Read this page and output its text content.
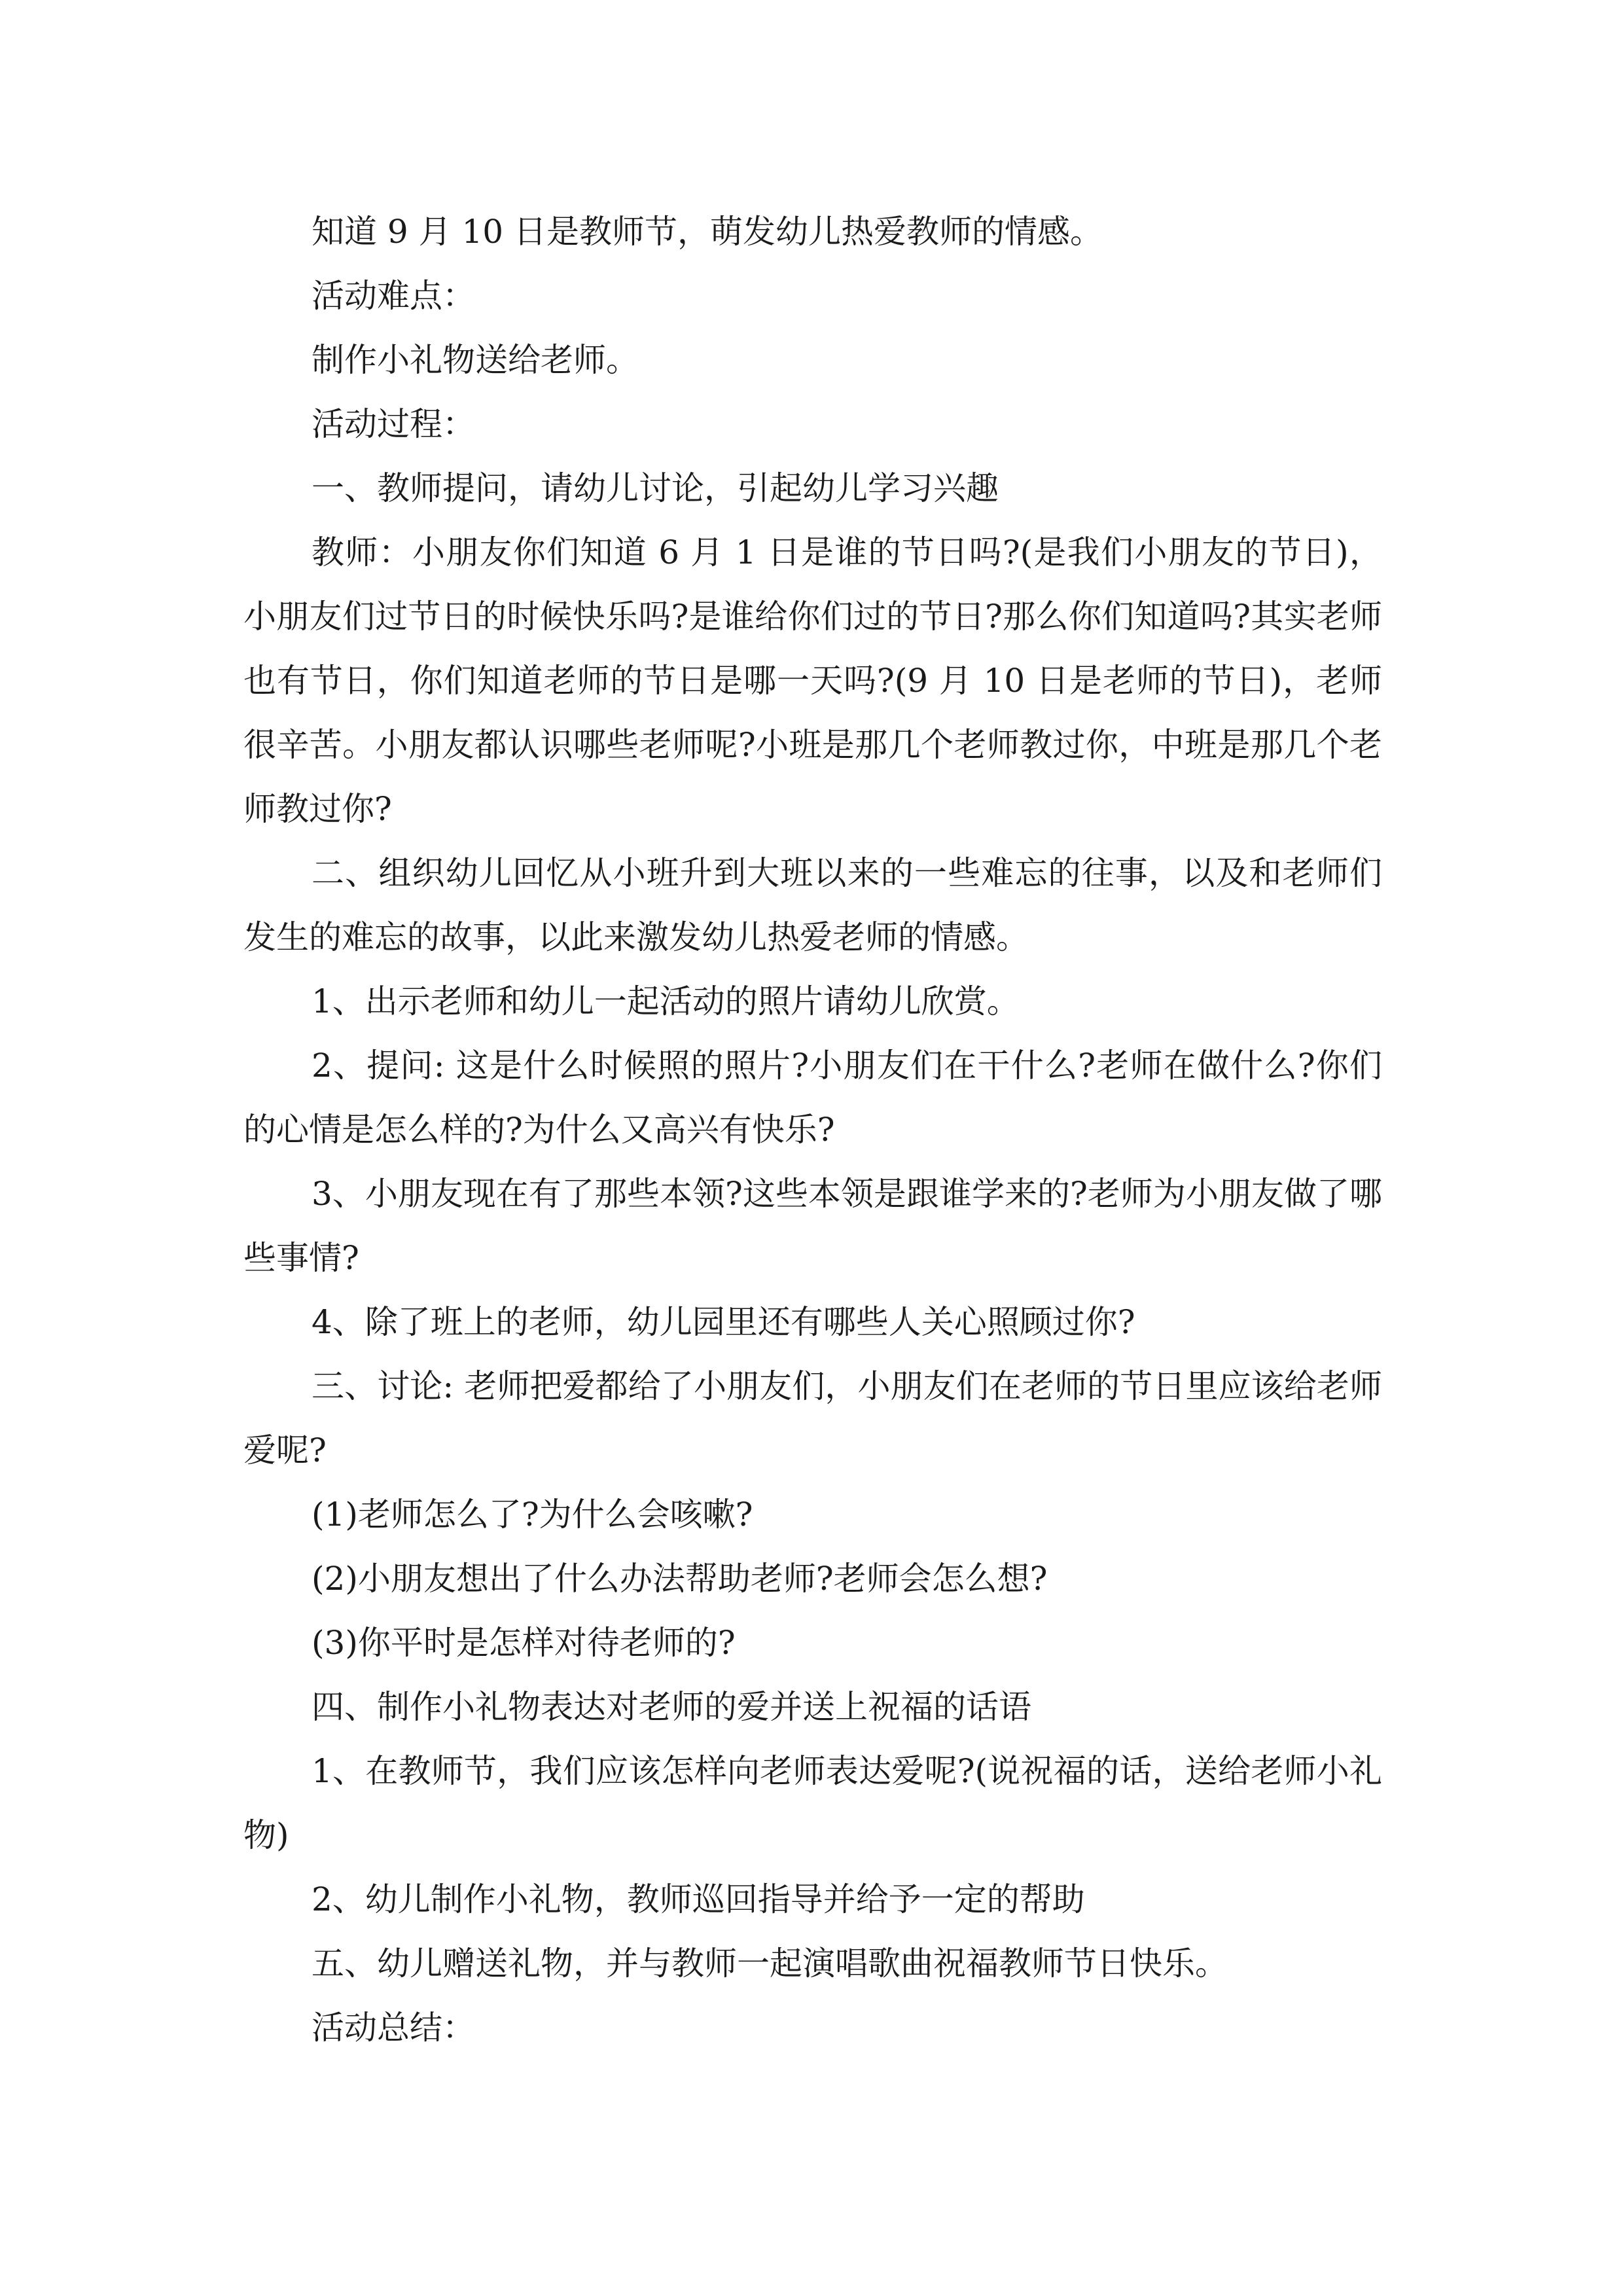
知道 9 月 10 日是教师节，萌发幼儿热爱教师的情感。

活动难点：

制作小礼物送给老师。

活动过程：

一、教师提问，请幼儿讨论，引起幼儿学习兴趣

教师：小朋友你们知道 6 月 1 日是谁的节日吗?(是我们小朋友的节日)，小朋友们过节日的时候快乐吗?是谁给你们过的节日?那么你们知道吗?其实老师也有节日，你们知道老师的节日是哪一天吗?(9 月 10 日是老师的节日)，老师很辛苦。小朋友都认识哪些老师呢?小班是那几个老师教过你，中班是那几个老师教过你?

二、组织幼儿回忆从小班升到大班以来的一些难忘的往事，以及和老师们发生的难忘的故事，以此来激发幼儿热爱老师的情感。

1、出示老师和幼儿一起活动的照片请幼儿欣赏。

2、提问: 这是什么时候照的照片?小朋友们在干什么?老师在做什么?你们的心情是怎么样的?为什么又高兴有快乐?

3、小朋友现在有了那些本领?这些本领是跟谁学来的?老师为小朋友做了哪些事情?

4、除了班上的老师，幼儿园里还有哪些人关心照顾过你?

三、讨论: 老师把爱都给了小朋友们，小朋友们在老师的节日里应该给老师爱呢?

(1)老师怎么了?为什么会咳嗽?

(2)小朋友想出了什么办法帮助老师?老师会怎么想?

(3)你平时是怎样对待老师的?

四、制作小礼物表达对老师的爱并送上祝福的话语

1、在教师节，我们应该怎样向老师表达爱呢?(说祝福的话，送给老师小礼物)

2、幼儿制作小礼物，教师巡回指导并给予一定的帮助

五、幼儿赠送礼物，并与教师一起演唱歌曲祝福教师节日快乐。

活动总结：
